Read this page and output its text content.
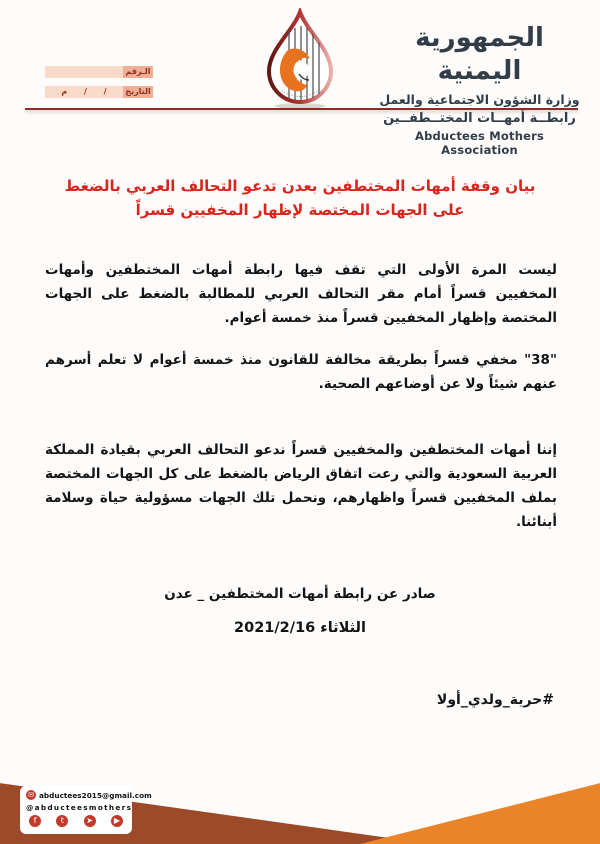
الجمهورية اليمنية
وزارة الشؤون الاجتماعية والعمل
رابطــة أمهــات المختــطفــين
Abductees Mothers Association
الـرقم
التاريخ
/      /      م
بيان وقفة أمهات المختطفين بعدن تدعو التحالف العربي بالضغط على الجهات المختصة لإظهار المخفيين قسراً
ليست المرة الأولى التي تقف فيها رابطة أمهات المختطفين وأمهات المخفيين قسراً أمام مقر التحالف العربي للمطالبة بالضغط على الجهات المختصة وإظهار المخفيين قسراً منذ خمسة أعوام.
"38" مخفي قسراً بطريقة مخالفة للقانون منذ خمسة أعوام لا تعلم أسرهم عنهم شيئاً ولا عن أوضاعهم الصحية.
إننا أمهات المختطفين والمخفيين قسراً ندعو التحالف العربي بقيادة المملكة العربية السعودية والتي رعت اتفاق الرياض بالضغط على كل الجهات المختصة بملف المخفيين قسراً واظهارهم، ونحمل تلك الجهات مسؤولية حياة وسلامة أبنائنا.
صادر عن رابطة أمهات المختطفين _ عدن
الثلاثاء 2021/2/16
#حرية_ولدي_أولا
✉ abductees2015@gmail.com
@abducteesmothers
f	t	➤	▶
